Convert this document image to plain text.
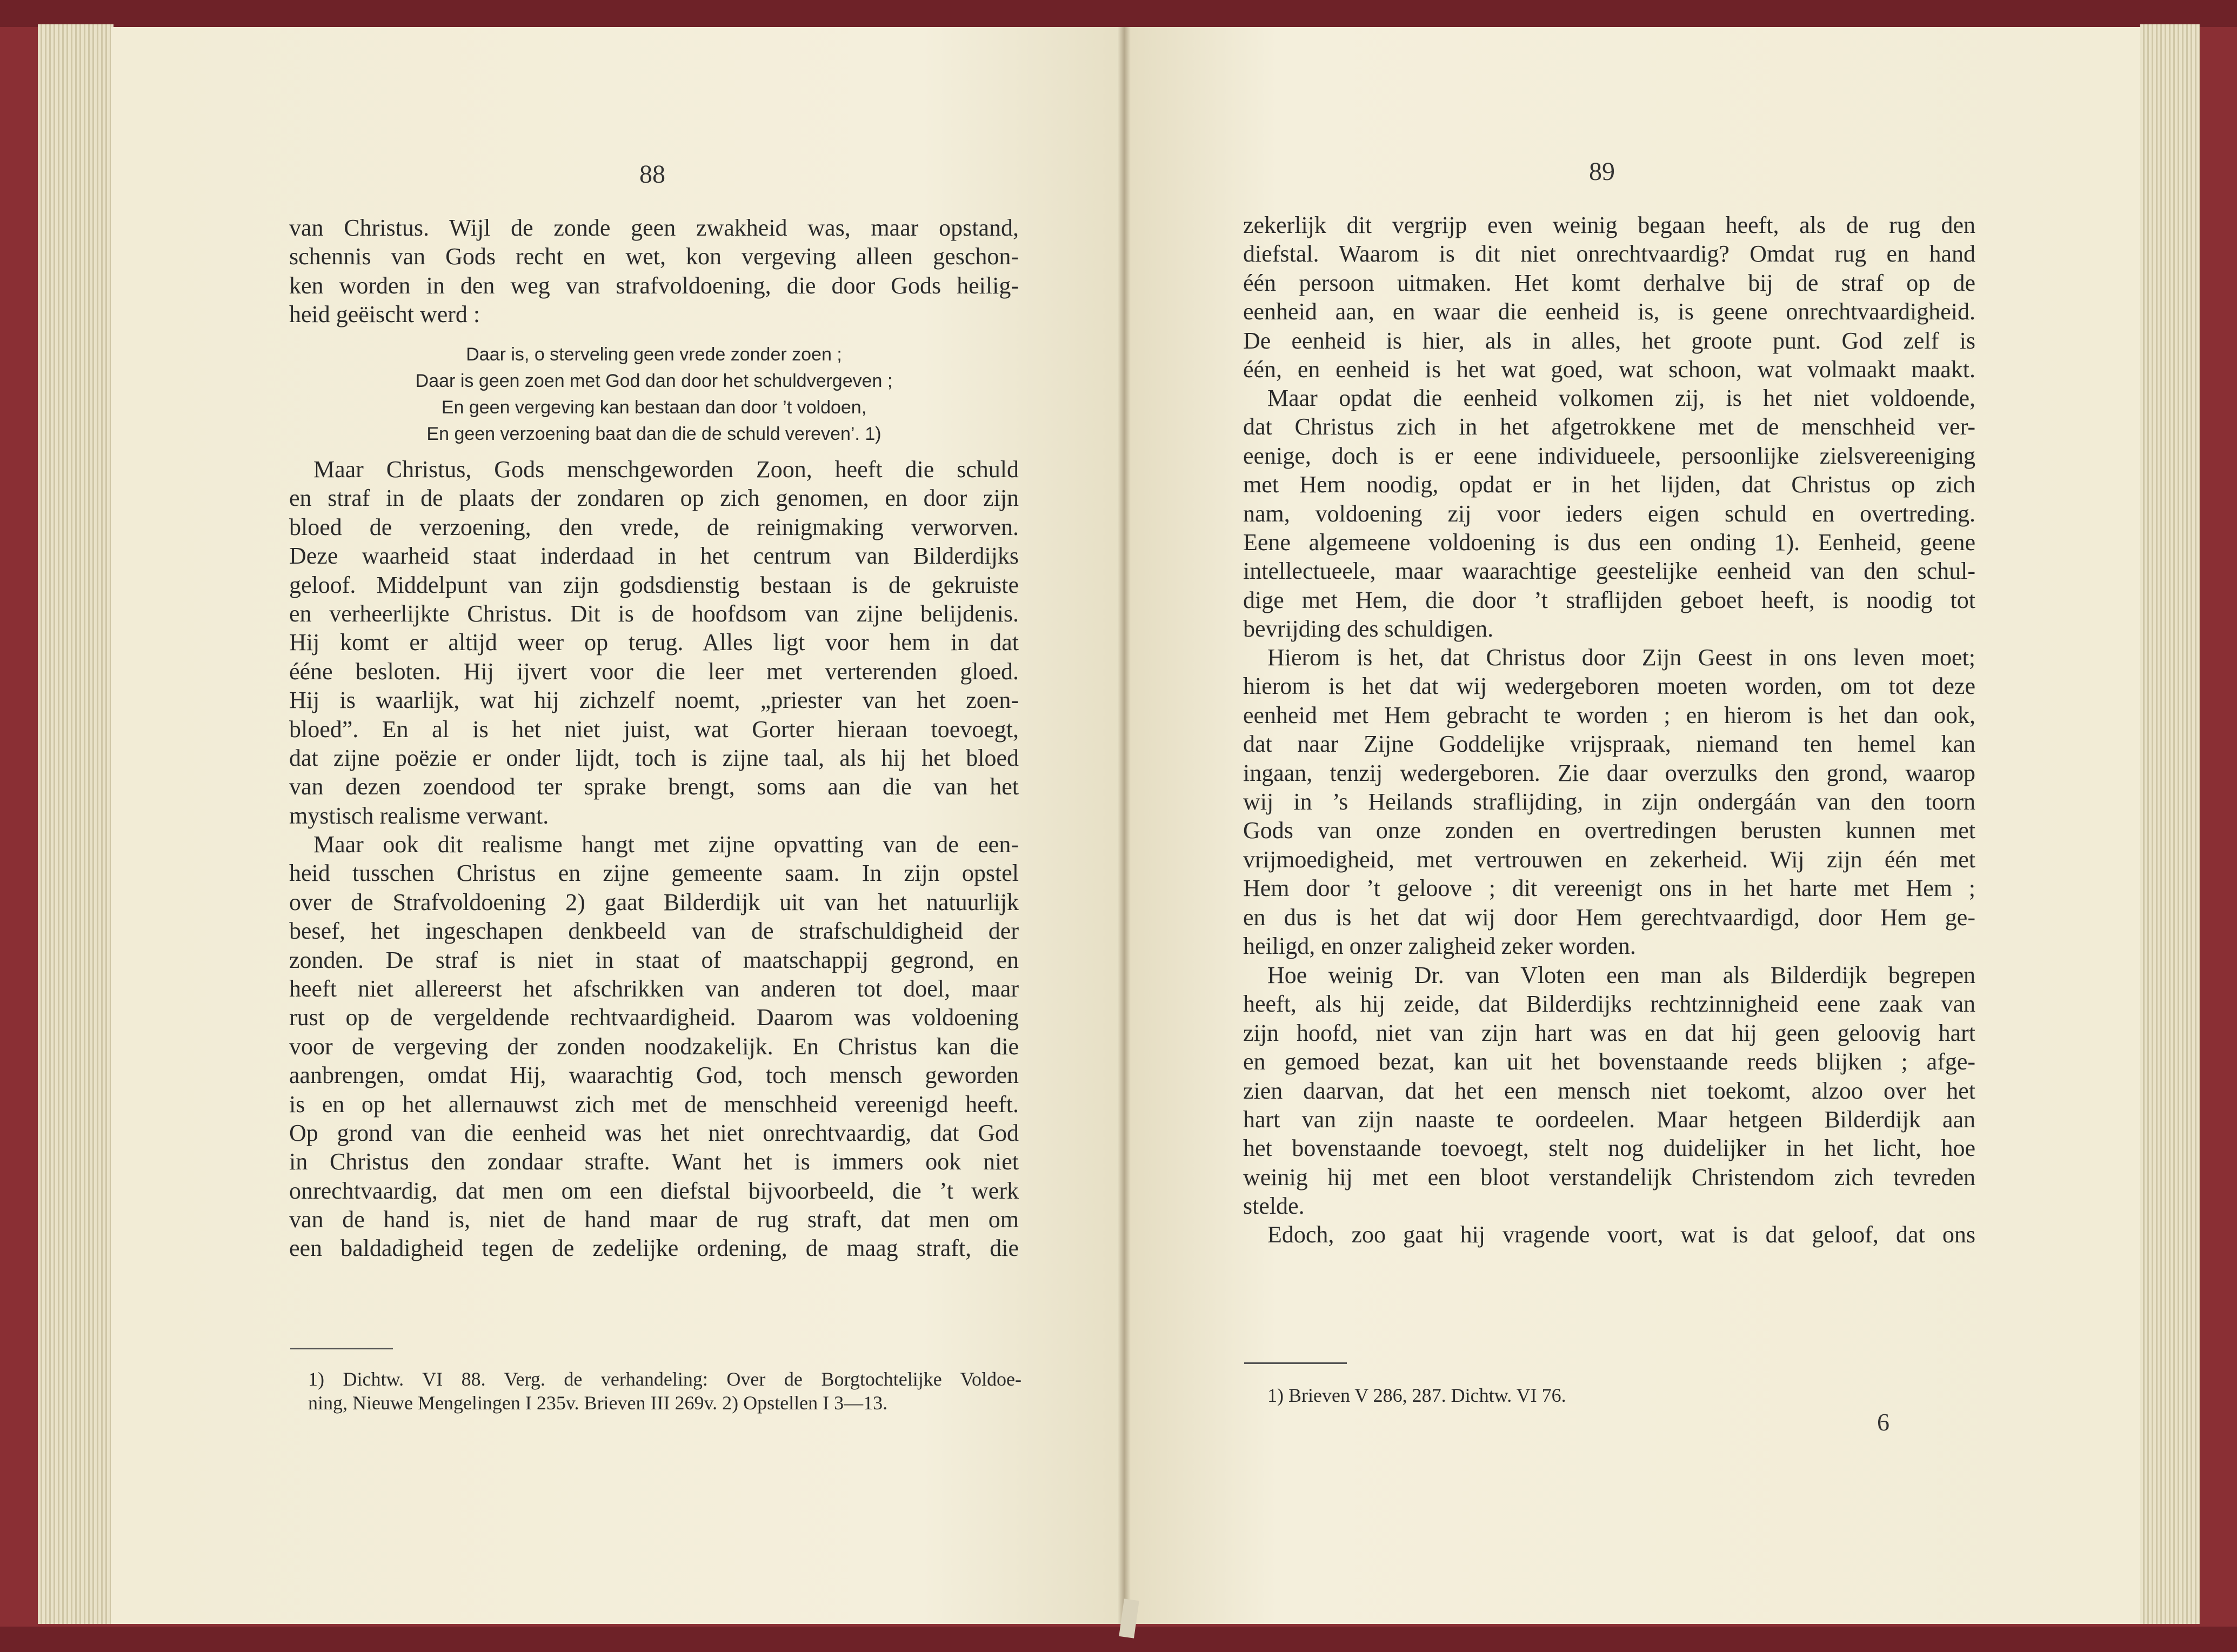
88
van Christus. Wijl de zonde geen zwakheid was, maar opstand,
schennis van Gods recht en wet, kon vergeving alleen geschon-
ken worden in den weg van strafvoldoening, die door Gods heilig-
heid geëischt werd :
Daar is, o sterveling geen vrede zonder zoen ;
Daar is geen zoen met God dan door het schuldvergeven ;
En geen vergeving kan bestaan dan door ’t voldoen,
En geen verzoening baat dan die de schuld vereven’. 1)
Maar Christus, Gods menschgeworden Zoon, heeft die schuld
en straf in de plaats der zondaren op zich genomen, en door zijn
bloed de verzoening, den vrede, de reinigmaking verworven.
Deze waarheid staat inderdaad in het centrum van Bilderdijks
geloof. Middelpunt van zijn godsdienstig bestaan is de gekruiste
en verheerlijkte Christus. Dit is de hoofdsom van zijne belijdenis.
Hij komt er altijd weer op terug. Alles ligt voor hem in dat
ééne besloten. Hij ijvert voor die leer met verterenden gloed.
Hij is waarlijk, wat hij zichzelf noemt, „priester van het zoen-
bloed”. En al is het niet juist, wat Gorter hieraan toevoegt,
dat zijne poëzie er onder lijdt, toch is zijne taal, als hij het bloed
van dezen zoendood ter sprake brengt, soms aan die van het
mystisch realisme verwant.
Maar ook dit realisme hangt met zijne opvatting van de een-
heid tusschen Christus en zijne gemeente saam. In zijn opstel
over de Strafvoldoening 2) gaat Bilderdijk uit van het natuurlijk
besef, het ingeschapen denkbeeld van de strafschuldigheid der
zonden. De straf is niet in staat of maatschappij gegrond, en
heeft niet allereerst het afschrikken van anderen tot doel, maar
rust op de vergeldende rechtvaardigheid. Daarom was voldoening
voor de vergeving der zonden noodzakelijk. En Christus kan die
aanbrengen, omdat Hij, waarachtig God, toch mensch geworden
is en op het allernauwst zich met de menschheid vereenigd heeft.
Op grond van die eenheid was het niet onrechtvaardig, dat God
in Christus den zondaar strafte. Want het is immers ook niet
onrechtvaardig, dat men om een diefstal bijvoorbeeld, die ’t werk
van de hand is, niet de hand maar de rug straft, dat men om
een baldadigheid tegen de zedelijke ordening, de maag straft, die
1) Dichtw. VI 88. Verg. de verhandeling: Over de Borgtochtelijke Voldoe-
ning, Nieuwe Mengelingen I 235v. Brieven III 269v. 2) Opstellen I 3—13.
89
zekerlijk dit vergrijp even weinig begaan heeft, als de rug den
diefstal. Waarom is dit niet onrechtvaardig? Omdat rug en hand
één persoon uitmaken. Het komt derhalve bij de straf op de
eenheid aan, en waar die eenheid is, is geene onrechtvaardigheid.
De eenheid is hier, als in alles, het groote punt. God zelf is
één, en eenheid is het wat goed, wat schoon, wat volmaakt maakt.
Maar opdat die eenheid volkomen zij, is het niet voldoende,
dat Christus zich in het afgetrokkene met de menschheid ver-
eenige, doch is er eene individueele, persoonlijke zielsvereeniging
met Hem noodig, opdat er in het lijden, dat Christus op zich
nam, voldoening zij voor ieders eigen schuld en overtreding.
Eene algemeene voldoening is dus een onding 1). Eenheid, geene
intellectueele, maar waarachtige geestelijke eenheid van den schul-
dige met Hem, die door ’t straflijden geboet heeft, is noodig tot
bevrijding des schuldigen.
Hierom is het, dat Christus door Zijn Geest in ons leven moet;
hierom is het dat wij wedergeboren moeten worden, om tot deze
eenheid met Hem gebracht te worden ; en hierom is het dan ook,
dat naar Zijne Goddelijke vrijspraak, niemand ten hemel kan
ingaan, tenzij wedergeboren. Zie daar overzulks den grond, waarop
wij in ’s Heilands straflijding, in zijn ondergáán van den toorn
Gods van onze zonden en overtredingen berusten kunnen met
vrijmoedigheid, met vertrouwen en zekerheid. Wij zijn één met
Hem door ’t geloove ; dit vereenigt ons in het harte met Hem ;
en dus is het dat wij door Hem gerechtvaardigd, door Hem ge-
heiligd, en onzer zaligheid zeker worden.
Hoe weinig Dr. van Vloten een man als Bilderdijk begrepen
heeft, als hij zeide, dat Bilderdijks rechtzinnigheid eene zaak van
zijn hoofd, niet van zijn hart was en dat hij geen geloovig hart
en gemoed bezat, kan uit het bovenstaande reeds blijken ; afge-
zien daarvan, dat het een mensch niet toekomt, alzoo over het
hart van zijn naaste te oordeelen. Maar hetgeen Bilderdijk aan
het bovenstaande toevoegt, stelt nog duidelijker in het licht, hoe
weinig hij met een bloot verstandelijk Christendom zich tevreden
stelde.
Edoch, zoo gaat hij vragende voort, wat is dat geloof, dat ons
1) Brieven V 286, 287. Dichtw. VI 76.
6
